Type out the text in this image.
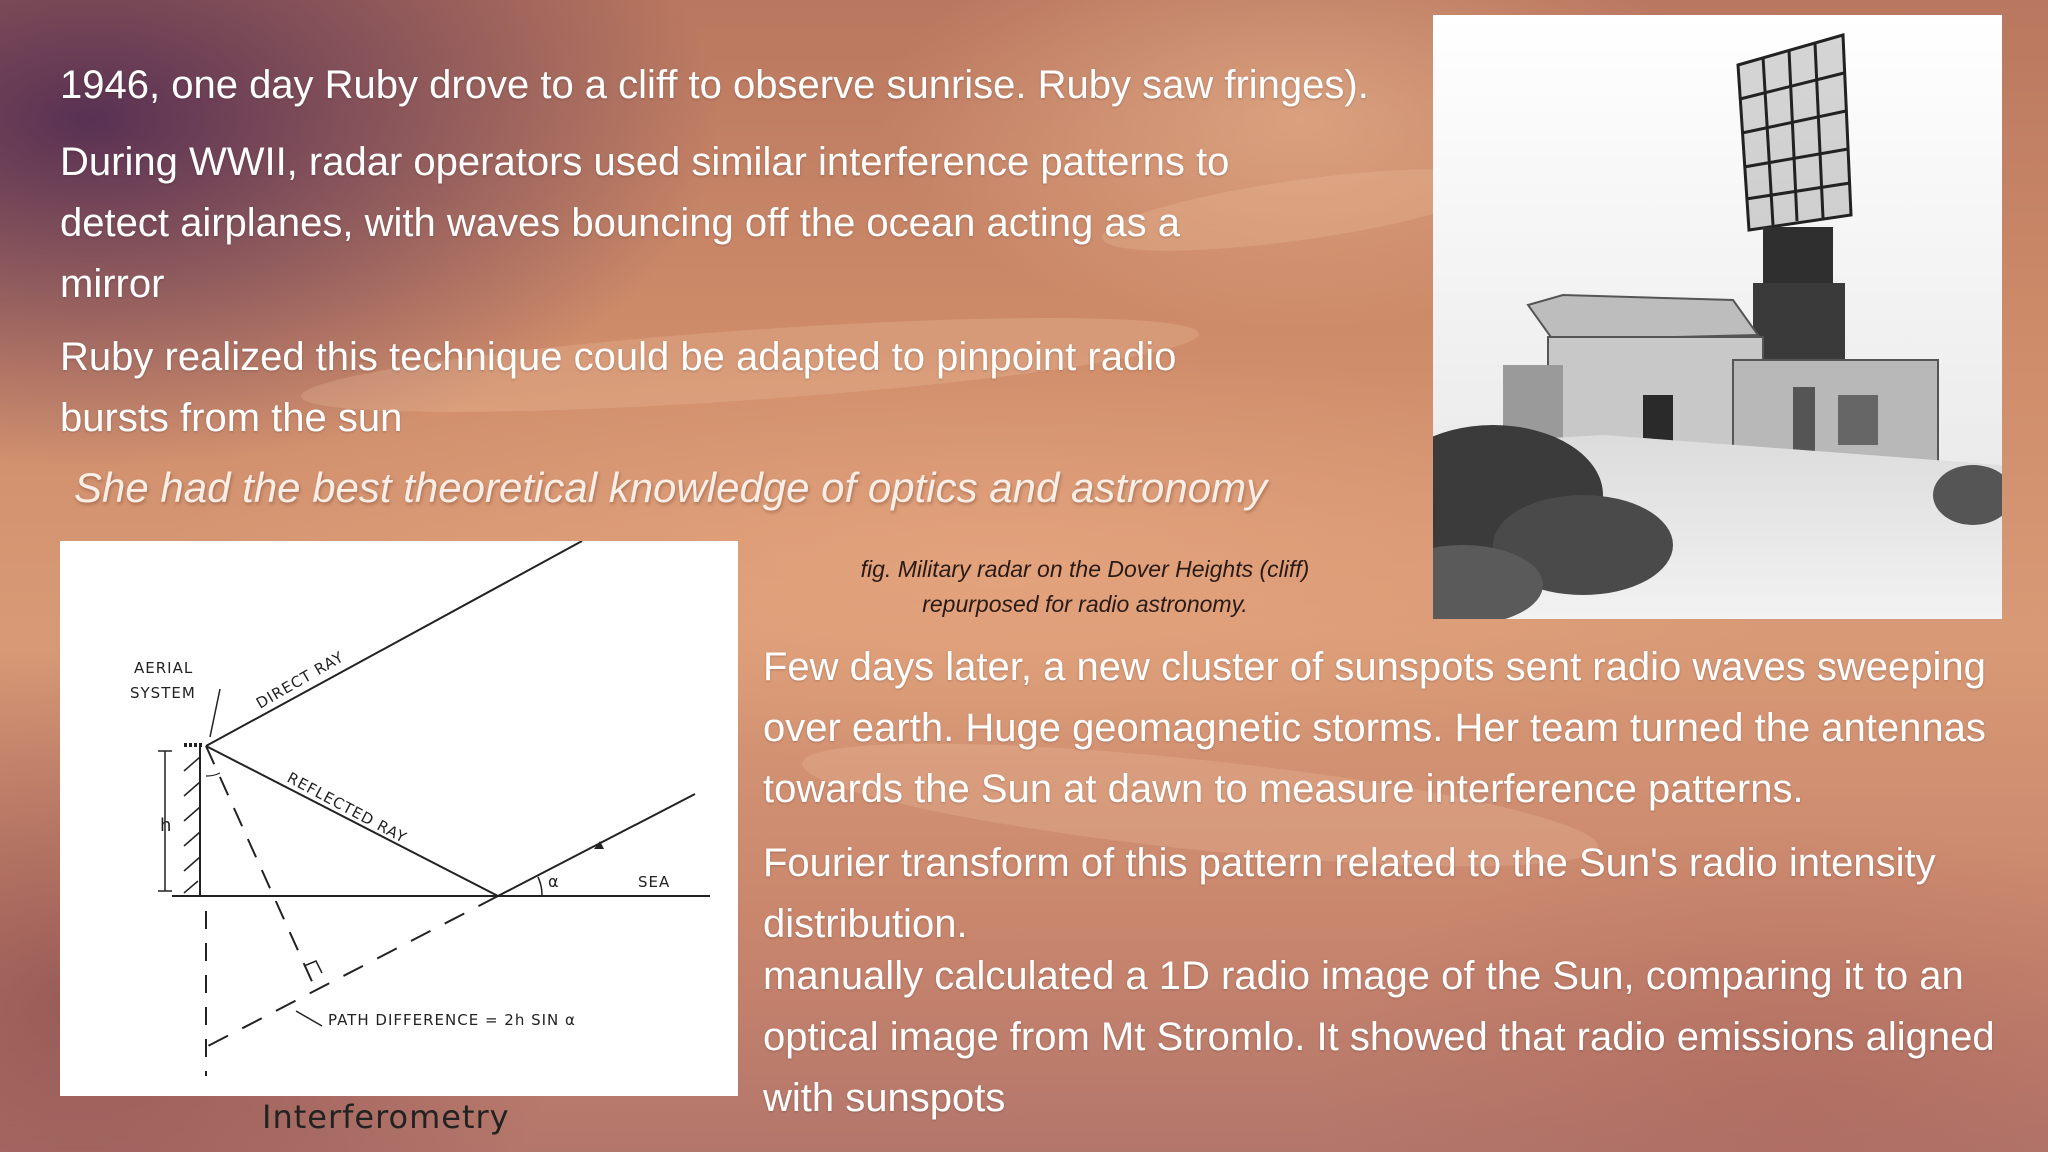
1946, one day Ruby drove to a cliff to observe sunrise. Ruby saw fringes).
During WWII, radar operators used similar interference patterns to detect airplanes, with waves bouncing off the ocean acting as a mirror
Ruby realized this technique could be adapted to pinpoint radio bursts from the sun
She had the best theoretical knowledge of optics and astronomy
AERIAL
SYSTEM	DIRECT RAY
REFLECTED RAY
SEA
h
α
PATH DIFFERENCE = 2h SIN α
Interferometry
fig. Military radar on the Dover Heights (cliff) repurposed for radio astronomy.
Few days later, a new cluster of sunspots sent radio waves sweeping over earth. Huge geomagnetic storms. Her team turned the antennas towards the Sun at dawn to measure interference patterns.
Fourier transform of this pattern related to the Sun's radio intensity distribution.
manually calculated a 1D radio image of the Sun, comparing it to an optical image from Mt Stromlo. It showed that radio emissions aligned with sunspots
